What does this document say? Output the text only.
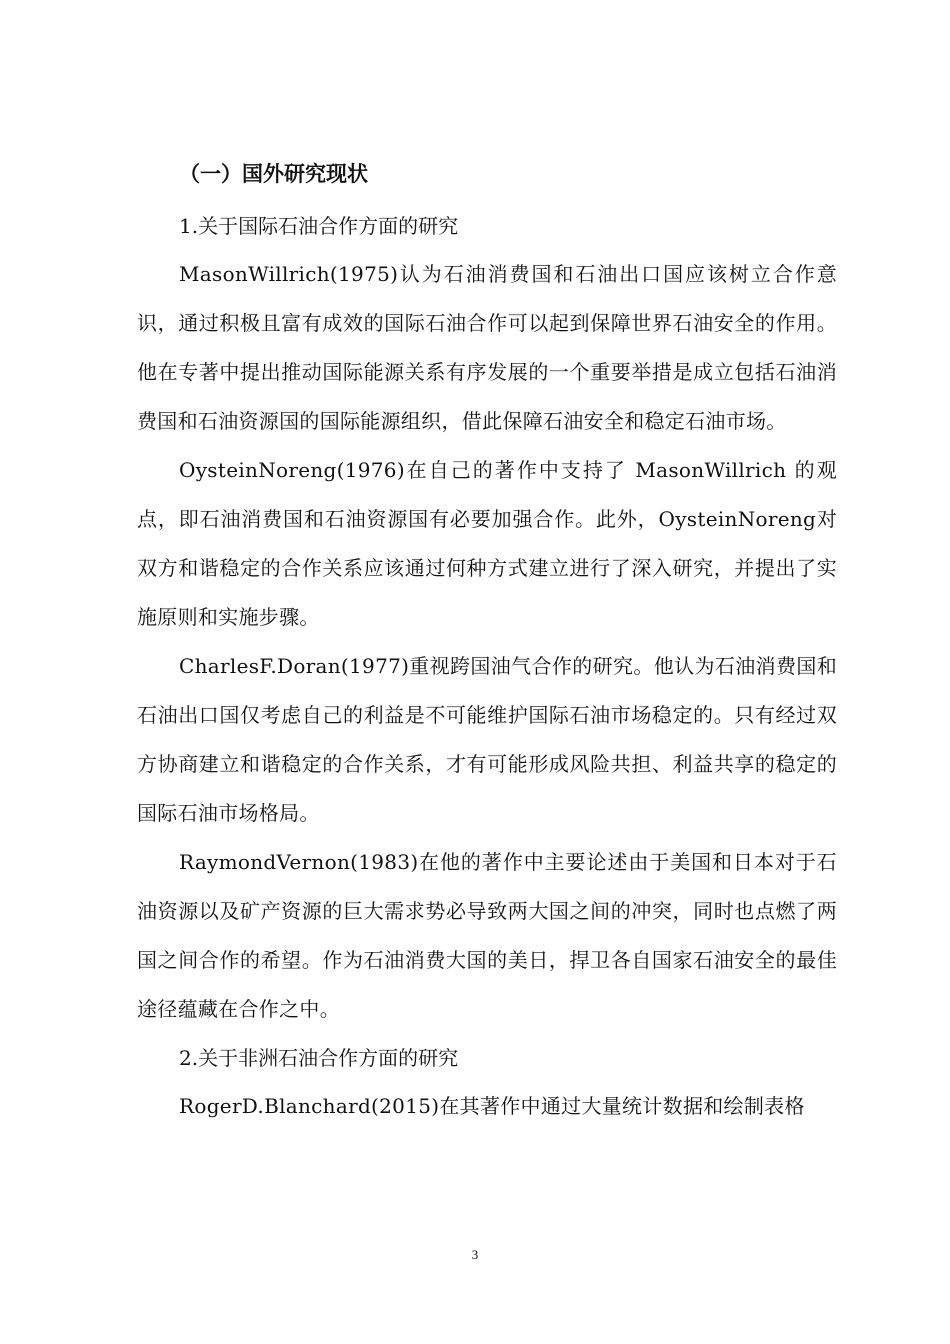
（一）国外研究现状

1.关于国际石油合作方面的研究

MasonWillrich(1975)认为石油消费国和石油出口国应该树立合作意识，通过积极且富有成效的国际石油合作可以起到保障世界石油安全的作用。他在专著中提出推动国际能源关系有序发展的一个重要举措是成立包括石油消费国和石油资源国的国际能源组织，借此保障石油安全和稳定石油市场。

OysteinNoreng(1976)在自己的著作中支持了 MasonWillrich 的观点，即石油消费国和石油资源国有必要加强合作。此外，OysteinNoreng对双方和谐稳定的合作关系应该通过何种方式建立进行了深入研究，并提出了实施原则和实施步骤。

CharlesF.Doran(1977)重视跨国油气合作的研究。他认为石油消费国和石油出口国仅考虑自己的利益是不可能维护国际石油市场稳定的。只有经过双方协商建立和谐稳定的合作关系，才有可能形成风险共担、利益共享的稳定的国际石油市场格局。

RaymondVernon(1983)在他的著作中主要论述由于美国和日本对于石油资源以及矿产资源的巨大需求势必导致两大国之间的冲突，同时也点燃了两国之间合作的希望。作为石油消费大国的美日，捍卫各自国家石油安全的最佳途径蕴藏在合作之中。

2.关于非洲石油合作方面的研究

RogerD.Blanchard(2015)在其著作中通过大量统计数据和绘制表格

3
